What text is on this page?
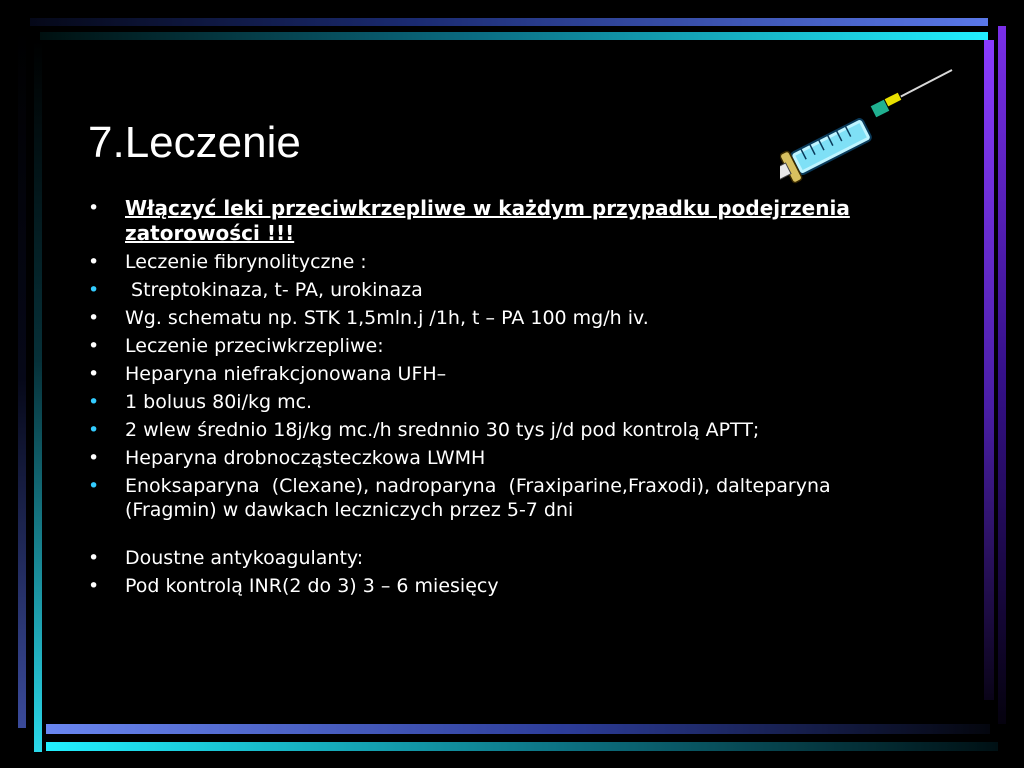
7.Leczenie
• Włączyć leki przeciwkrzepliwe w każdym przypadku podejrzenia zatorowości !!!
• Leczenie fibrynolityczne :
• Streptokinaza, t- PA, urokinaza
• Wg. schematu np. STK 1,5mln.j /1h, t – PA 100 mg/h iv.
• Leczenie przeciwkrzepliwe:
• Heparyna niefrakcjonowana UFH–
• 1 boluus 80i/kg mc.
• 2 wlew średnio 18j/kg mc./h srednnio 30 tys j/d pod kontrolą APTT;
• Heparyna drobnocząsteczkowa LWMH
• Enoksaparyna  (Clexane), nadroparyna  (Fraxiparine,Fraxodi), dalteparyna (Fragmin) w dawkach leczniczych przez 5-7 dni
• Doustne antykoagulanty:
• Pod kontrolą INR(2 do 3) 3 – 6 miesięcy
